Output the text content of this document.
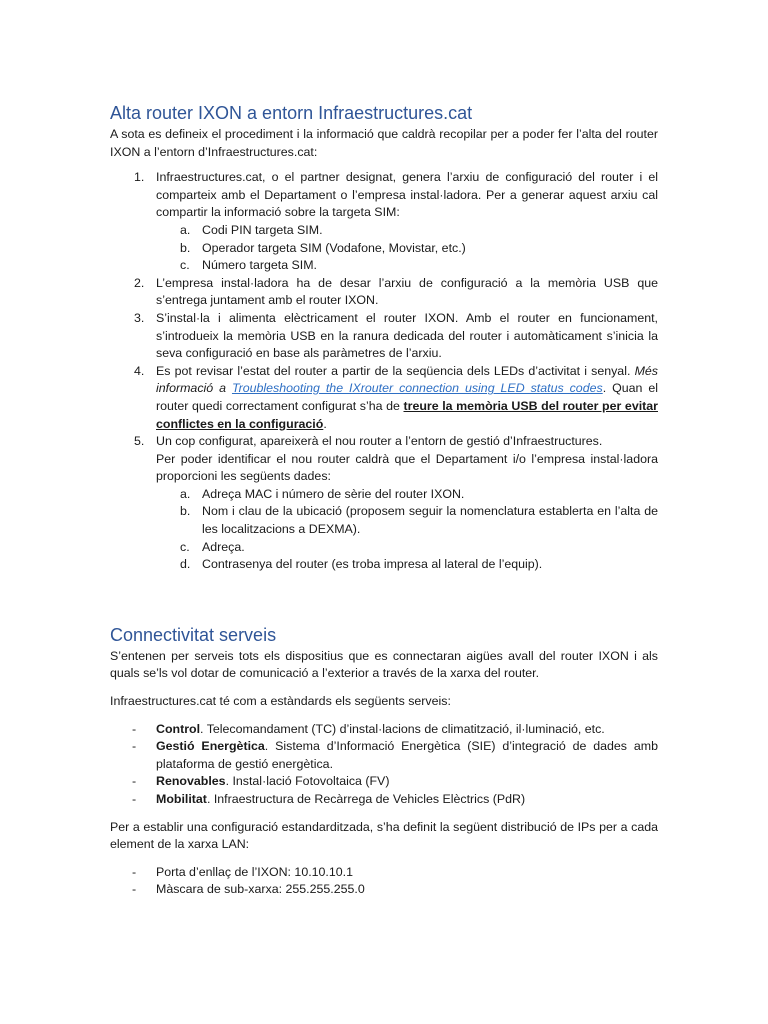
Alta router IXON a entorn Infraestructures.cat

A sota es defineix el procediment i la informació que caldrà recopilar per a poder fer l’alta del router IXON a l’entorn d’Infraestructures.cat:

1. Infraestructures.cat, o el partner designat, genera l’arxiu de configuració del router i el comparteix amb el Departament o l’empresa instal·ladora. Per a generar aquest arxiu cal compartir la informació sobre la targeta SIM:
a. Codi PIN targeta SIM.
b. Operador targeta SIM (Vodafone, Movistar, etc.)
c. Número targeta SIM.
2. L’empresa instal·ladora ha de desar l’arxiu de configuració a la memòria USB que s’entrega juntament amb el router IXON.
3. S’instal·la i alimenta elèctricament el router IXON. Amb el router en funcionament, s’introdueix la memòria USB en la ranura dedicada del router i automàticament s’inicia la seva configuració en base als paràmetres de l’arxiu.
4. Es pot revisar l’estat del router a partir de la seqüencia dels LEDs d’activitat i senyal. Més informació a Troubleshooting the IXrouter connection using LED status codes. Quan el router quedi correctament configurat s’ha de treure la memòria USB del router per evitar conflictes en la configuració.
5. Un cop configurat, apareixerà el nou router a l’entorn de gestió d’Infraestructures.
Per poder identificar el nou router caldrà que el Departament i/o l’empresa instal·ladora proporcioni les següents dades:
a. Adreça MAC i número de sèrie del router IXON.
b. Nom i clau de la ubicació (proposem seguir la nomenclatura establerta en l’alta de les localitzacions a DEXMA).
c. Adreça.
d. Contrasenya del router (es troba impresa al lateral de l’equip).
Connectivitat serveis

S’entenen per serveis tots els dispositius que es connectaran aigües avall del router IXON i als quals se’ls vol dotar de comunicació a l’exterior a través de la xarxa del router.

Infraestructures.cat té com a estàndards els següents serveis:

- Control. Telecomandament (TC) d’instal·lacions de climatització, il·luminació, etc.
- Gestió Energètica. Sistema d’Informació Energètica (SIE) d’integració de dades amb plataforma de gestió energètica.
- Renovables. Instal·lació Fotovoltaica (FV)
- Mobilitat. Infraestructura de Recàrrega de Vehicles Elèctrics (PdR)

Per a establir una configuració estandarditzada, s’ha definit la següent distribució de IPs per a cada element de la xarxa LAN:

- Porta d’enllaç de l’IXON: 10.10.10.1
- Màscara de sub-xarxa: 255.255.255.0
